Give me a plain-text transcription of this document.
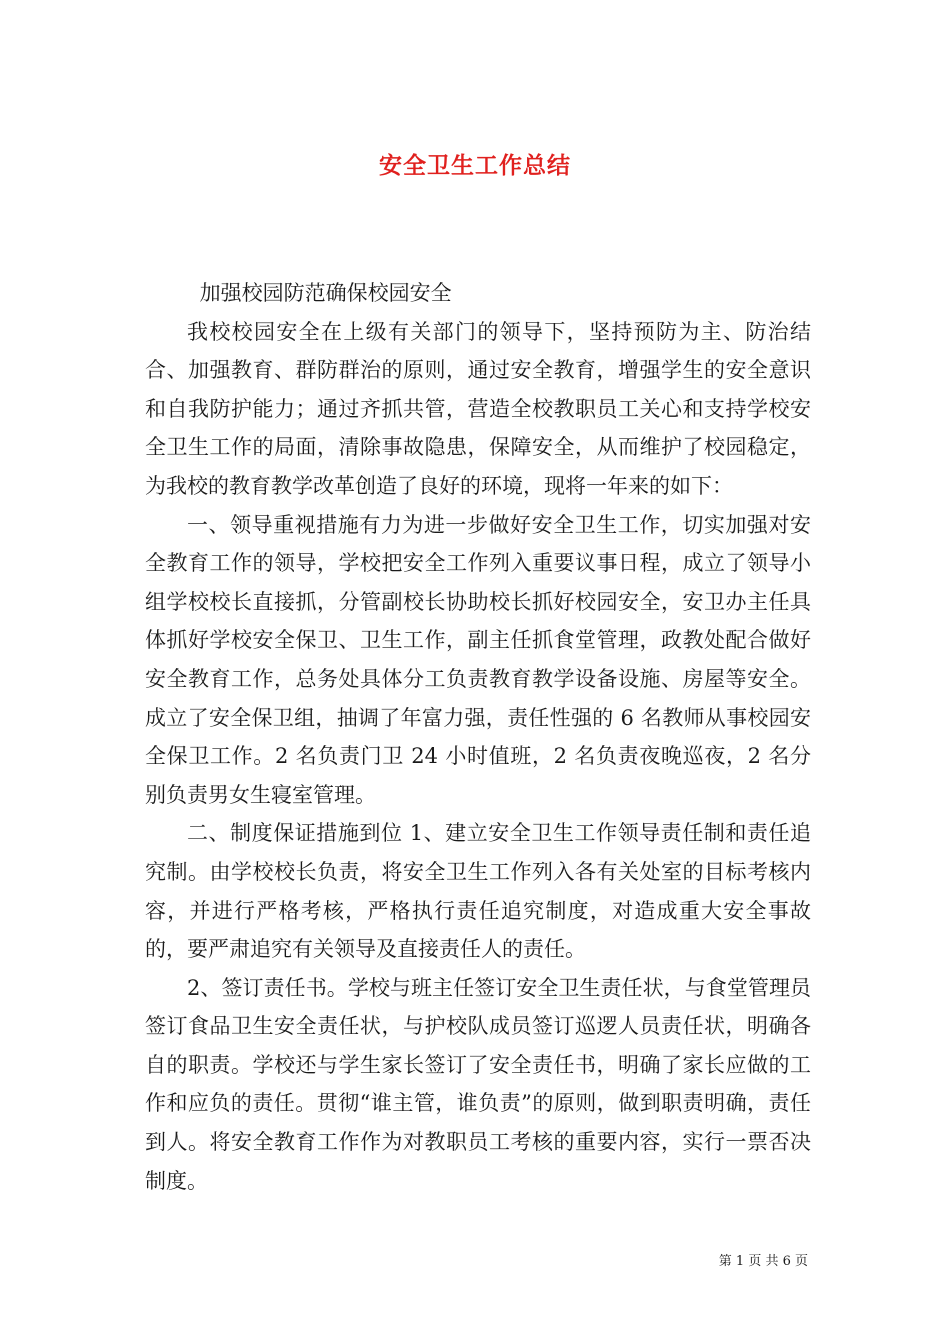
安全卫生工作总结

加强校园防范确保校园安全

我校校园安全在上级有关部门的领导下，坚持预防为主、防治结合、加强教育、群防群治的原则，通过安全教育，增强学生的安全意识和自我防护能力；通过齐抓共管，营造全校教职员工关心和支持学校安全卫生工作的局面，清除事故隐患，保障安全，从而维护了校园稳定，为我校的教育教学改革创造了良好的环境，现将一年来的如下：

一、领导重视措施有力为进一步做好安全卫生工作，切实加强对安全教育工作的领导，学校把安全工作列入重要议事日程，成立了领导小组学校校长直接抓，分管副校长协助校长抓好校园安全，安卫办主任具体抓好学校安全保卫、卫生工作，副主任抓食堂管理，政教处配合做好安全教育工作，总务处具体分工负责教育教学设备设施、房屋等安全。成立了安全保卫组，抽调了年富力强，责任性强的 6 名教师从事校园安全保卫工作。2 名负责门卫 24 小时值班，2 名负责夜晚巡夜，2 名分别负责男女生寝室管理。

二、制度保证措施到位 1、建立安全卫生工作领导责任制和责任追究制。由学校校长负责，将安全卫生工作列入各有关处室的目标考核内容，并进行严格考核，严格执行责任追究制度，对造成重大安全事故的，要严肃追究有关领导及直接责任人的责任。

2、签订责任书。学校与班主任签订安全卫生责任状，与食堂管理员签订食品卫生安全责任状，与护校队成员签订巡逻人员责任状，明确各自的职责。学校还与学生家长签订了安全责任书，明确了家长应做的工作和应负的责任。贯彻“谁主管，谁负责”的原则，做到职责明确，责任到人。将安全教育工作作为对教职员工考核的重要内容，实行一票否决制度。

第 1 页 共 6 页
